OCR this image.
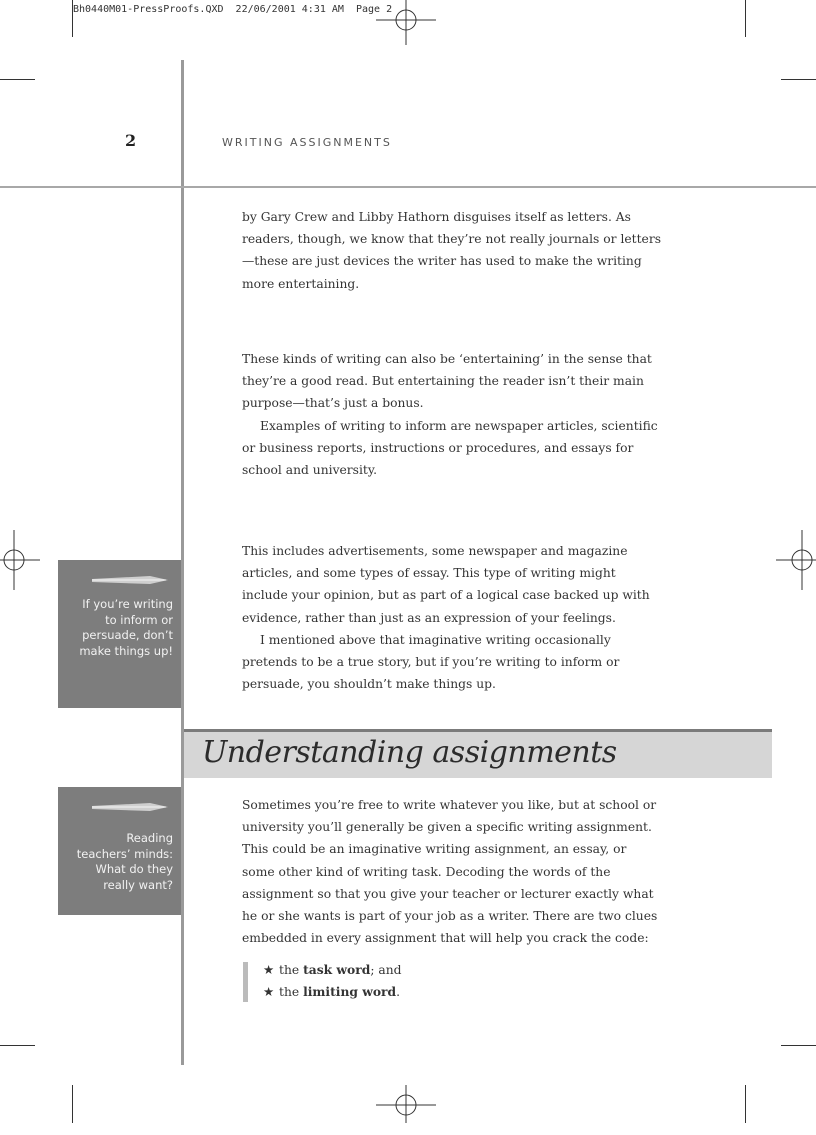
Bh0440M01-PressProofs.QXD  22/06/2001 4:31 AM  Page 2
2	WRITING ASSIGNMENTS

by Gary Crew and Libby Hathorn disguises itself as letters. As readers, though, we know that they’re not really journals or letters—these are just devices the writer has used to make the writing more entertaining.

These kinds of writing can also be ‘entertaining’ in the sense that they’re a good read. But entertaining the reader isn’t their main purpose—that’s just a bonus.

Examples of writing to inform are newspaper articles, scientific or business reports, instructions or procedures, and essays for school and university.

This includes advertisements, some newspaper and magazine articles, and some types of essay. This type of writing might include your opinion, but as part of a logical case backed up with evidence, rather than just as an expression of your feelings.

I mentioned above that imaginative writing occasionally pretends to be a true story, but if you’re writing to inform or persuade, you shouldn’t make things up.

If you’re writing to inform or persuade, don’t make things up!
Reading teachers’ minds: What do they really want?
Understanding assignments

Sometimes you’re free to write whatever you like, but at school or university you’ll generally be given a specific writing assignment. This could be an imaginative writing assignment, an essay, or some other kind of writing task. Decoding the words of the assignment so that you give your teacher or lecturer exactly what he or she wants is part of your job as a writer. There are two clues embedded in every assignment that will help you crack the code:

★ the task word; and
★ the limiting word.
